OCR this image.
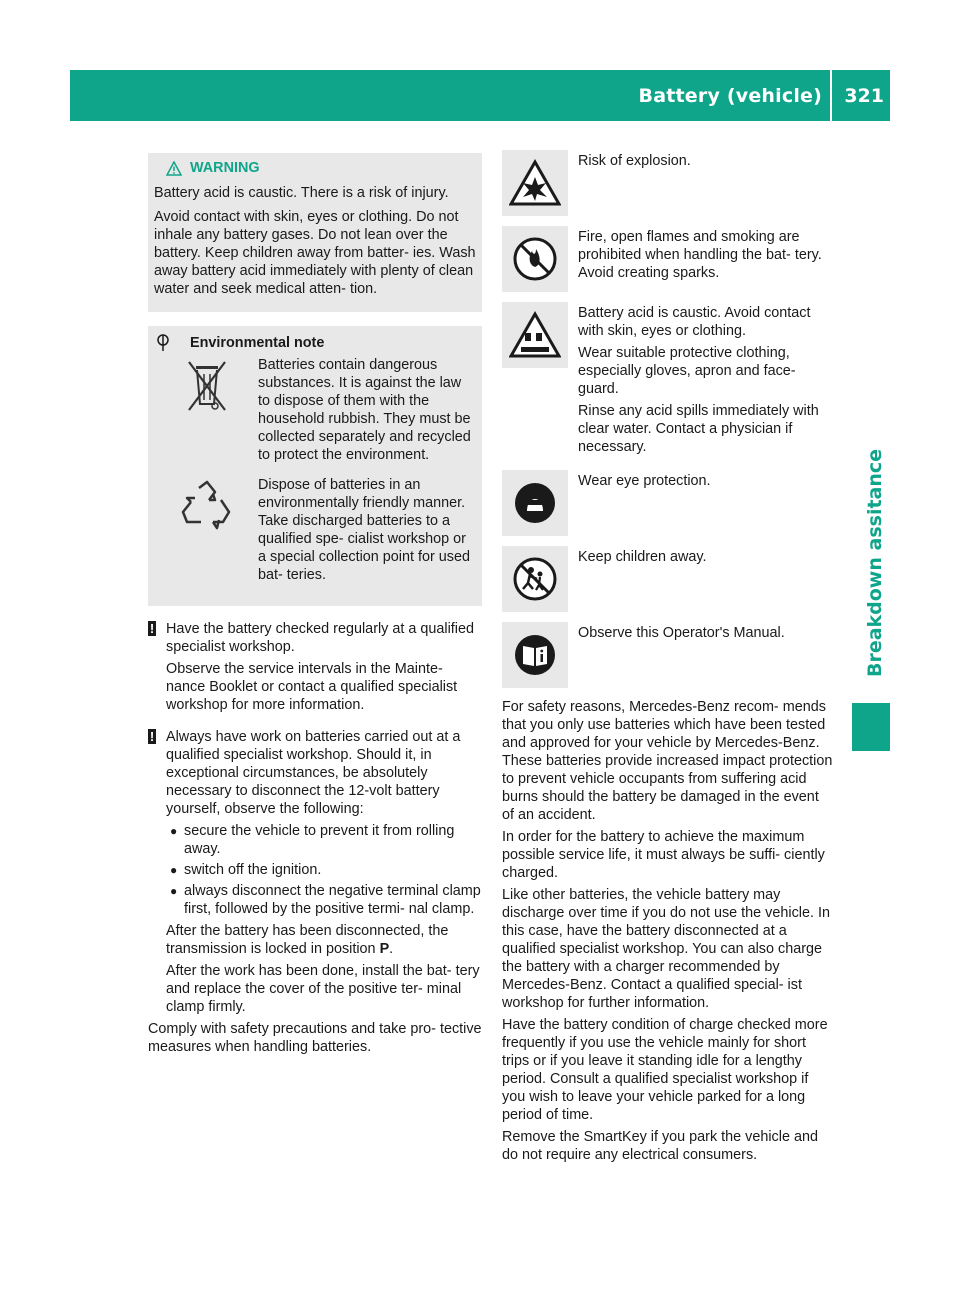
Battery (vehicle) 321
Breakdown assitance
WARNING

Battery acid is caustic. There is a risk of injury.

Avoid contact with skin, eyes or clothing. Do not inhale any battery gases. Do not lean over the battery. Keep children away from batter- ies. Wash away battery acid immediately with plenty of clean water and seek medical atten- tion.

Environmental note
Batteries contain dangerous substances. It is against the law to dispose of them with the household rubbish. They must be collected separately and recycled to protect the environment.
Dispose of batteries in an environmentally friendly manner. Take discharged batteries to a qualified spe- cialist workshop or a special collection point for used bat- teries.
! Have the battery checked regularly at a qualified specialist workshop.

Observe the service intervals in the Mainte- nance Booklet or contact a qualified specialist workshop for more information.

! Always have work on batteries carried out at a qualified specialist workshop. Should it, in exceptional circumstances, be absolutely necessary to disconnect the 12-volt battery yourself, observe the following:

● secure the vehicle to prevent it from rolling away.
● switch off the ignition.
● always disconnect the negative terminal clamp first, followed by the positive termi- nal clamp.

After the battery has been disconnected, the transmission is locked in position P.

After the work has been done, install the bat- tery and replace the cover of the positive ter- minal clamp firmly.

Comply with safety precautions and take pro- tective measures when handling batteries.

Risk of explosion.

Fire, open flames and smoking are prohibited when handling the bat- tery. Avoid creating sparks.

Battery acid is caustic. Avoid contact with skin, eyes or clothing.

Wear suitable protective clothing, especially gloves, apron and face- guard.

Rinse any acid spills immediately with clear water. Contact a physician if necessary.

Wear eye protection.

Keep children away.

Observe this Operator's Manual.

For safety reasons, Mercedes-Benz recom- mends that you only use batteries which have been tested and approved for your vehicle by Mercedes-Benz. These batteries provide increased impact protection to prevent vehicle occupants from suffering acid burns should the battery be damaged in the event of an accident.

In order for the battery to achieve the maximum possible service life, it must always be suffi- ciently charged.

Like other batteries, the vehicle battery may discharge over time if you do not use the vehicle. In this case, have the battery disconnected at a qualified specialist workshop. You can also charge the battery with a charger recommended by Mercedes-Benz. Contact a qualified special- ist workshop for further information.

Have the battery condition of charge checked more frequently if you use the vehicle mainly for short trips or if you leave it standing idle for a lengthy period. Consult a qualified specialist workshop if you wish to leave your vehicle parked for a long period of time.

Remove the SmartKey if you park the vehicle and do not require any electrical consumers.
